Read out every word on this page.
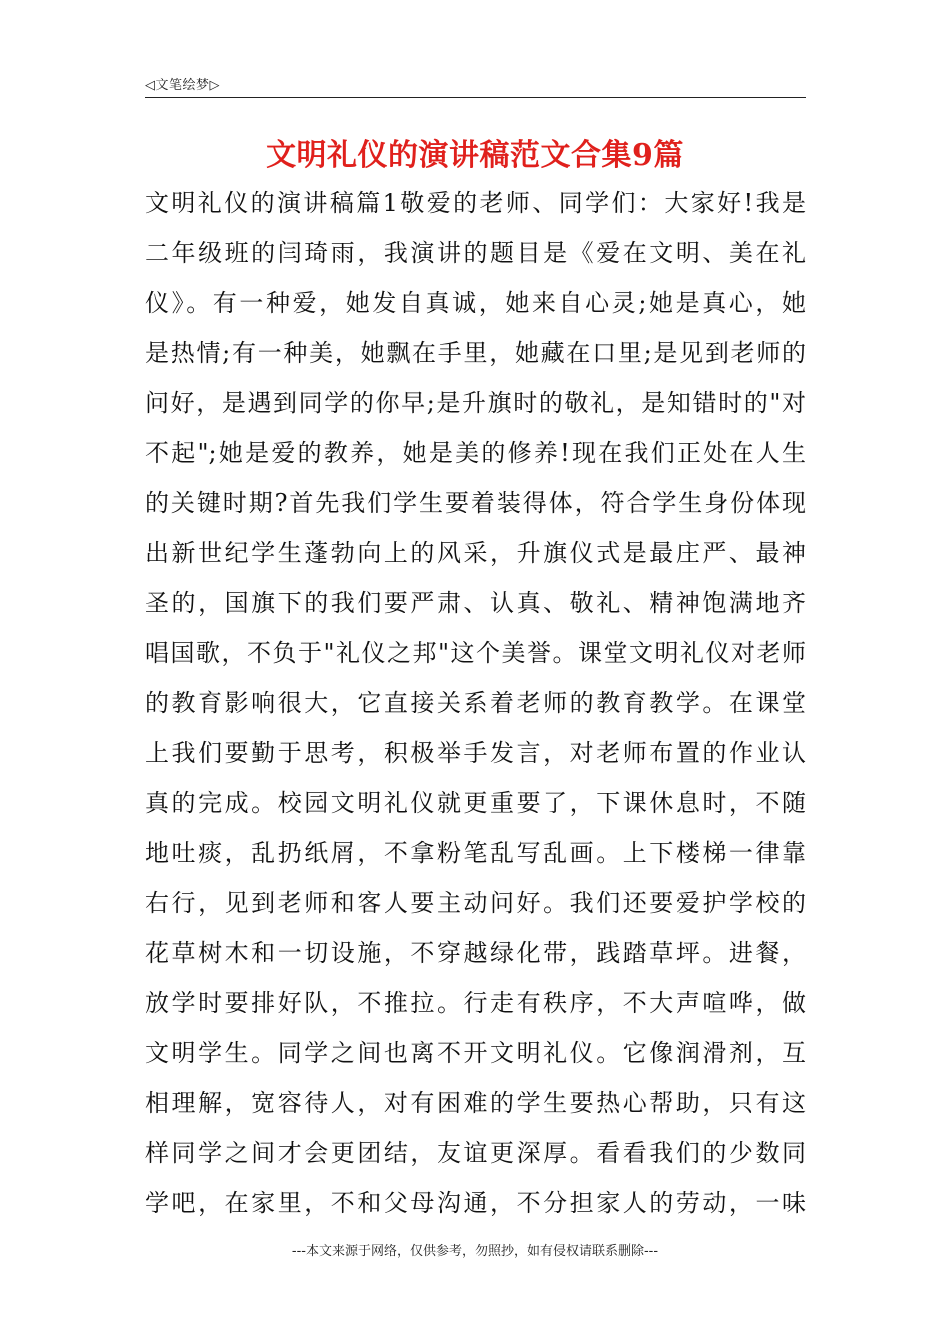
◁文笔绘梦▷
文明礼仪的演讲稿范文合集9篇
文明礼仪的演讲稿篇1敬爱的老师、同学们：大家好!我是
二年级班的闫琦雨，我演讲的题目是《爱在文明、美在礼
仪》。有一种爱，她发自真诚，她来自心灵;她是真心，她
是热情;有一种美，她飘在手里，她藏在口里;是见到老师的
问好，是遇到同学的你早;是升旗时的敬礼，是知错时的"对
不起";她是爱的教养，她是美的修养!现在我们正处在人生
的关键时期?首先我们学生要着装得体，符合学生身份体现
出新世纪学生蓬勃向上的风采，升旗仪式是最庄严、最神
圣的，国旗下的我们要严肃、认真、敬礼、精神饱满地齐
唱国歌，不负于"礼仪之邦"这个美誉。课堂文明礼仪对老师
的教育影响很大，它直接关系着老师的教育教学。在课堂
上我们要勤于思考，积极举手发言，对老师布置的作业认
真的完成。校园文明礼仪就更重要了，下课休息时，不随
地吐痰，乱扔纸屑，不拿粉笔乱写乱画。上下楼梯一律靠
右行，见到老师和客人要主动问好。我们还要爱护学校的
花草树木和一切设施，不穿越绿化带，践踏草坪。进餐，
放学时要排好队，不推拉。行走有秩序，不大声喧哗，做
文明学生。同学之间也离不开文明礼仪。它像润滑剂，互
相理解，宽容待人，对有困难的学生要热心帮助，只有这
样同学之间才会更团结，友谊更深厚。看看我们的少数同
学吧，在家里，不和父母沟通，不分担家人的劳动，一味
---本文来源于网络，仅供参考，勿照抄，如有侵权请联系删除---
